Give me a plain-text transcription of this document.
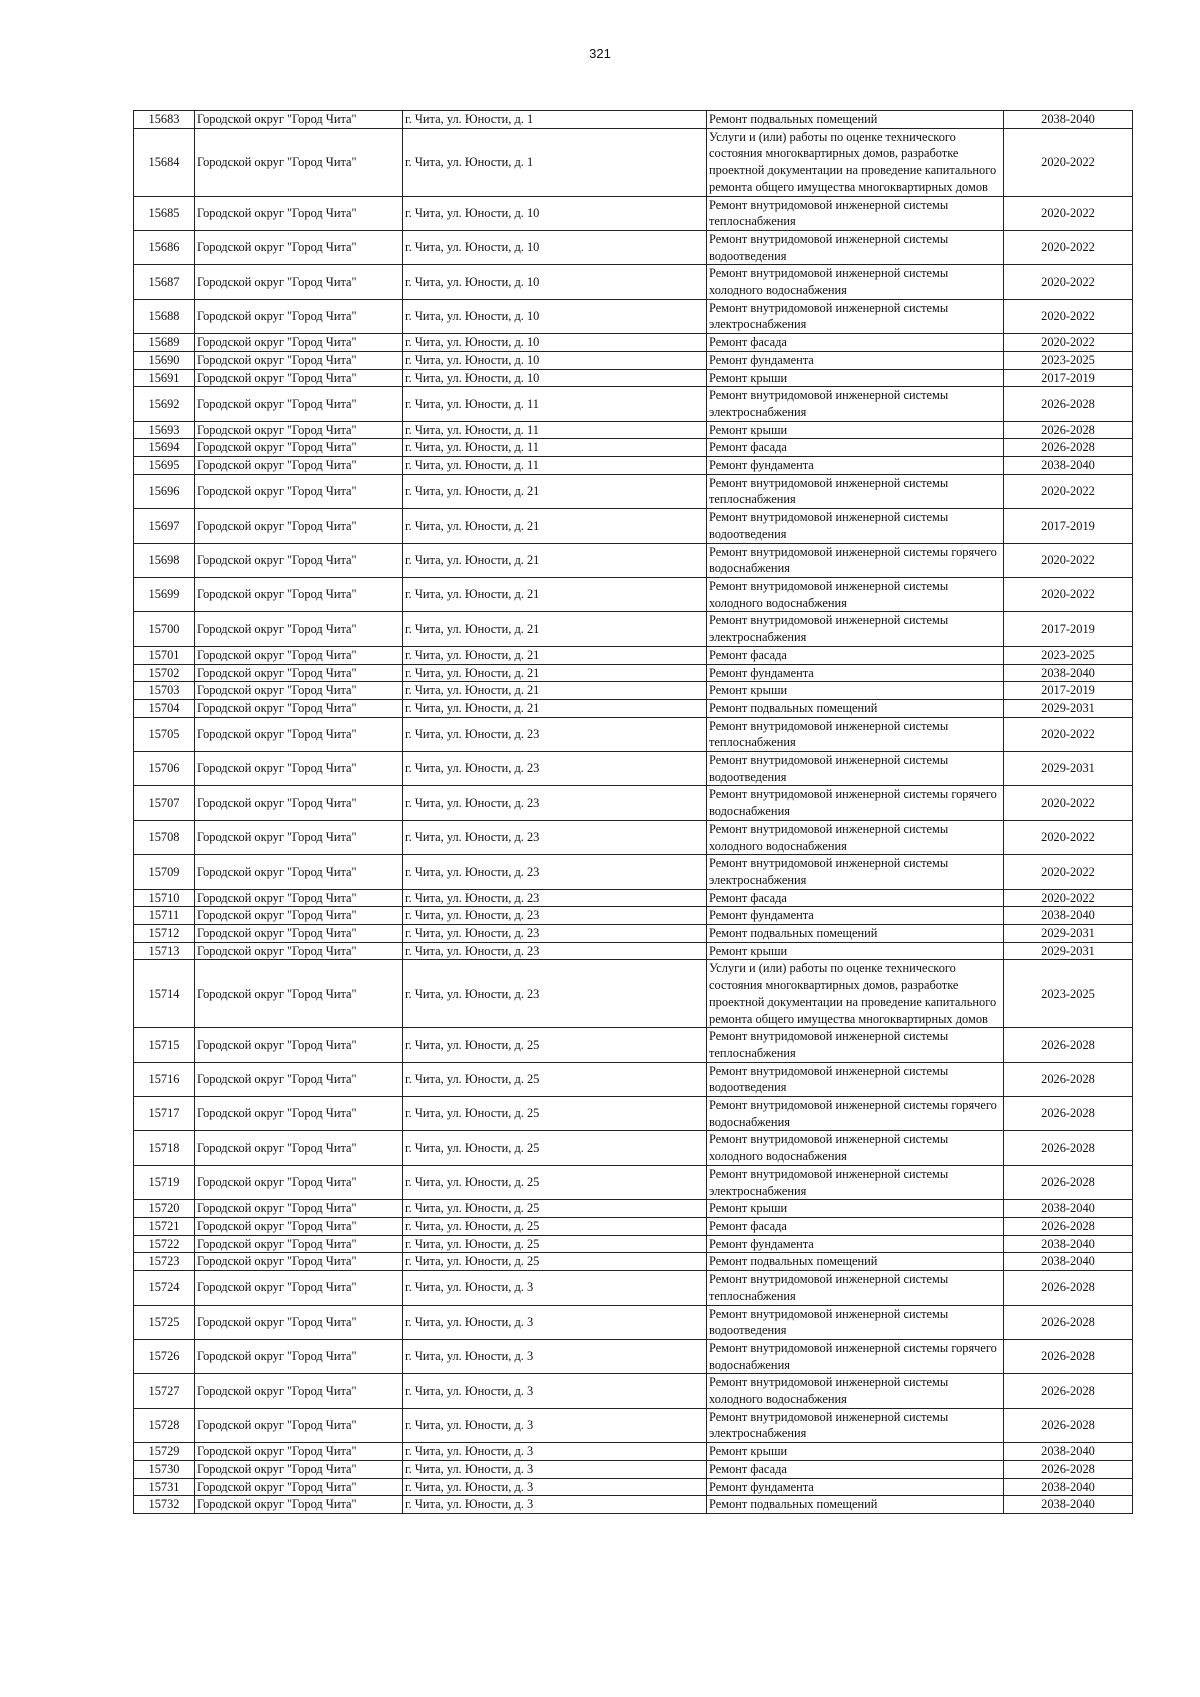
321
15683	Городской округ "Город Чита"	г. Чита, ул. Юности, д. 1	Ремонт подвальных помещений	2038-2040
15684	Городской округ "Город Чита"	г. Чита, ул. Юности, д. 1	Услуги и (или) работы по оценке технического состояния многоквартирных домов, разработке проектной документации на проведение капитального ремонта общего имущества многоквартирных домов	2020-2022
15685	Городской округ "Город Чита"	г. Чита, ул. Юности, д. 10	Ремонт внутридомовой инженерной системы теплоснабжения	2020-2022
15686	Городской округ "Город Чита"	г. Чита, ул. Юности, д. 10	Ремонт внутридомовой инженерной системы водоотведения	2020-2022
15687	Городской округ "Город Чита"	г. Чита, ул. Юности, д. 10	Ремонт внутридомовой инженерной системы холодного водоснабжения	2020-2022
15688	Городской округ "Город Чита"	г. Чита, ул. Юности, д. 10	Ремонт внутридомовой инженерной системы электроснабжения	2020-2022
15689	Городской округ "Город Чита"	г. Чита, ул. Юности, д. 10	Ремонт фасада	2020-2022
15690	Городской округ "Город Чита"	г. Чита, ул. Юности, д. 10	Ремонт фундамента	2023-2025
15691	Городской округ "Город Чита"	г. Чита, ул. Юности, д. 10	Ремонт крыши	2017-2019
15692	Городской округ "Город Чита"	г. Чита, ул. Юности, д. 11	Ремонт внутридомовой инженерной системы электроснабжения	2026-2028
15693	Городской округ "Город Чита"	г. Чита, ул. Юности, д. 11	Ремонт крыши	2026-2028
15694	Городской округ "Город Чита"	г. Чита, ул. Юности, д. 11	Ремонт фасада	2026-2028
15695	Городской округ "Город Чита"	г. Чита, ул. Юности, д. 11	Ремонт фундамента	2038-2040
15696	Городской округ "Город Чита"	г. Чита, ул. Юности, д. 21	Ремонт внутридомовой инженерной системы теплоснабжения	2020-2022
15697	Городской округ "Город Чита"	г. Чита, ул. Юности, д. 21	Ремонт внутридомовой инженерной системы водоотведения	2017-2019
15698	Городской округ "Город Чита"	г. Чита, ул. Юности, д. 21	Ремонт внутридомовой инженерной системы горячего водоснабжения	2020-2022
15699	Городской округ "Город Чита"	г. Чита, ул. Юности, д. 21	Ремонт внутридомовой инженерной системы холодного водоснабжения	2020-2022
15700	Городской округ "Город Чита"	г. Чита, ул. Юности, д. 21	Ремонт внутридомовой инженерной системы электроснабжения	2017-2019
15701	Городской округ "Город Чита"	г. Чита, ул. Юности, д. 21	Ремонт фасада	2023-2025
15702	Городской округ "Город Чита"	г. Чита, ул. Юности, д. 21	Ремонт фундамента	2038-2040
15703	Городской округ "Город Чита"	г. Чита, ул. Юности, д. 21	Ремонт крыши	2017-2019
15704	Городской округ "Город Чита"	г. Чита, ул. Юности, д. 21	Ремонт подвальных помещений	2029-2031
15705	Городской округ "Город Чита"	г. Чита, ул. Юности, д. 23	Ремонт внутридомовой инженерной системы теплоснабжения	2020-2022
15706	Городской округ "Город Чита"	г. Чита, ул. Юности, д. 23	Ремонт внутридомовой инженерной системы водоотведения	2029-2031
15707	Городской округ "Город Чита"	г. Чита, ул. Юности, д. 23	Ремонт внутридомовой инженерной системы горячего водоснабжения	2020-2022
15708	Городской округ "Город Чита"	г. Чита, ул. Юности, д. 23	Ремонт внутридомовой инженерной системы холодного водоснабжения	2020-2022
15709	Городской округ "Город Чита"	г. Чита, ул. Юности, д. 23	Ремонт внутридомовой инженерной системы электроснабжения	2020-2022
15710	Городской округ "Город Чита"	г. Чита, ул. Юности, д. 23	Ремонт фасада	2020-2022
15711	Городской округ "Город Чита"	г. Чита, ул. Юности, д. 23	Ремонт фундамента	2038-2040
15712	Городской округ "Город Чита"	г. Чита, ул. Юности, д. 23	Ремонт подвальных помещений	2029-2031
15713	Городской округ "Город Чита"	г. Чита, ул. Юности, д. 23	Ремонт крыши	2029-2031
15714	Городской округ "Город Чита"	г. Чита, ул. Юности, д. 23	Услуги и (или) работы по оценке технического состояния многоквартирных домов, разработке проектной документации на проведение капитального ремонта общего имущества многоквартирных домов	2023-2025
15715	Городской округ "Город Чита"	г. Чита, ул. Юности, д. 25	Ремонт внутридомовой инженерной системы теплоснабжения	2026-2028
15716	Городской округ "Город Чита"	г. Чита, ул. Юности, д. 25	Ремонт внутридомовой инженерной системы водоотведения	2026-2028
15717	Городской округ "Город Чита"	г. Чита, ул. Юности, д. 25	Ремонт внутридомовой инженерной системы горячего водоснабжения	2026-2028
15718	Городской округ "Город Чита"	г. Чита, ул. Юности, д. 25	Ремонт внутридомовой инженерной системы холодного водоснабжения	2026-2028
15719	Городской округ "Город Чита"	г. Чита, ул. Юности, д. 25	Ремонт внутридомовой инженерной системы электроснабжения	2026-2028
15720	Городской округ "Город Чита"	г. Чита, ул. Юности, д. 25	Ремонт крыши	2038-2040
15721	Городской округ "Город Чита"	г. Чита, ул. Юности, д. 25	Ремонт фасада	2026-2028
15722	Городской округ "Город Чита"	г. Чита, ул. Юности, д. 25	Ремонт фундамента	2038-2040
15723	Городской округ "Город Чита"	г. Чита, ул. Юности, д. 25	Ремонт подвальных помещений	2038-2040
15724	Городской округ "Город Чита"	г. Чита, ул. Юности, д. 3	Ремонт внутридомовой инженерной системы теплоснабжения	2026-2028
15725	Городской округ "Город Чита"	г. Чита, ул. Юности, д. 3	Ремонт внутридомовой инженерной системы водоотведения	2026-2028
15726	Городской округ "Город Чита"	г. Чита, ул. Юности, д. 3	Ремонт внутридомовой инженерной системы горячего водоснабжения	2026-2028
15727	Городской округ "Город Чита"	г. Чита, ул. Юности, д. 3	Ремонт внутридомовой инженерной системы холодного водоснабжения	2026-2028
15728	Городской округ "Город Чита"	г. Чита, ул. Юности, д. 3	Ремонт внутридомовой инженерной системы электроснабжения	2026-2028
15729	Городской округ "Город Чита"	г. Чита, ул. Юности, д. 3	Ремонт крыши	2038-2040
15730	Городской округ "Город Чита"	г. Чита, ул. Юности, д. 3	Ремонт фасада	2026-2028
15731	Городской округ "Город Чита"	г. Чита, ул. Юности, д. 3	Ремонт фундамента	2038-2040
15732	Городской округ "Город Чита"	г. Чита, ул. Юности, д. 3	Ремонт подвальных помещений	2038-2040
